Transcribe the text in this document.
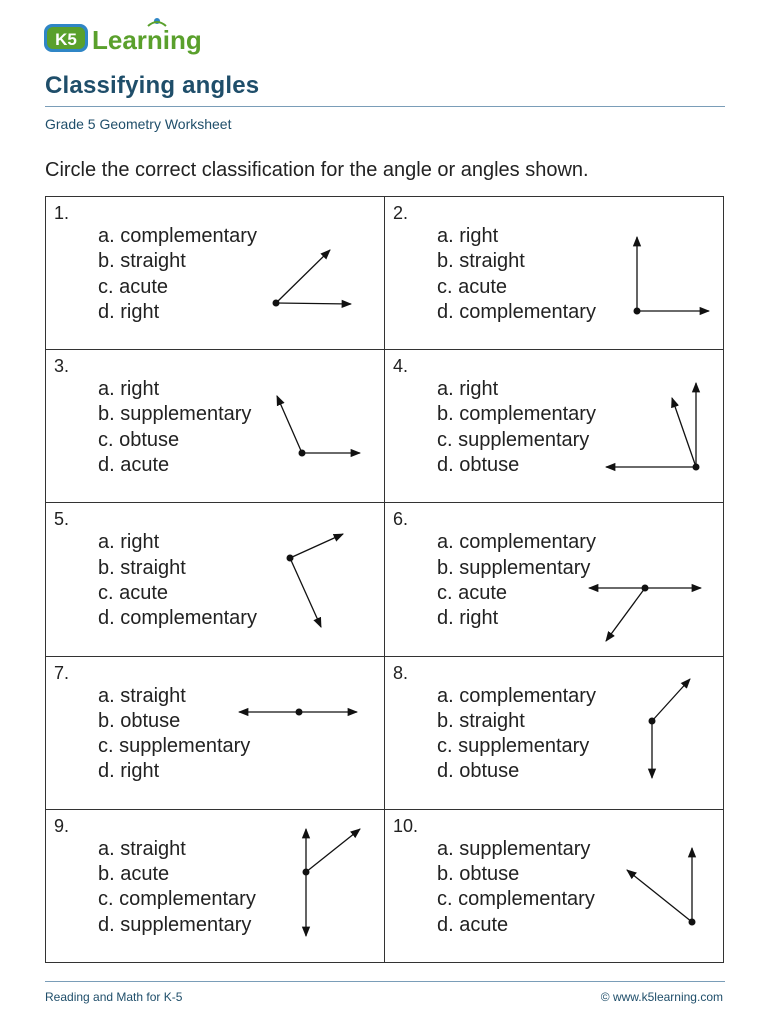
K5 Learning
Classifying angles
Grade 5 Geometry Worksheet
Circle the correct classification for the angle or angles shown.
1.
a. complementary
b. straight
c. acute
d. right
2.
a. right
b. straight
c. acute
d. complementary
3.
a. right
b. supplementary
c. obtuse
d. acute
4.
a. right
b. complementary
c. supplementary
d. obtuse
5.
a. right
b. straight
c. acute
d. complementary
6.
a. complementary
b. supplementary
c. acute
d. right
7.
a. straight
b. obtuse
c. supplementary
d. right
8.
a. complementary
b. straight
c. supplementary
d. obtuse
9.
a. straight
b. acute
c. complementary
d. supplementary
10.
a. supplementary
b. obtuse
c. complementary
d. acute
Reading and Math for K-5	© www.k5learning.com
